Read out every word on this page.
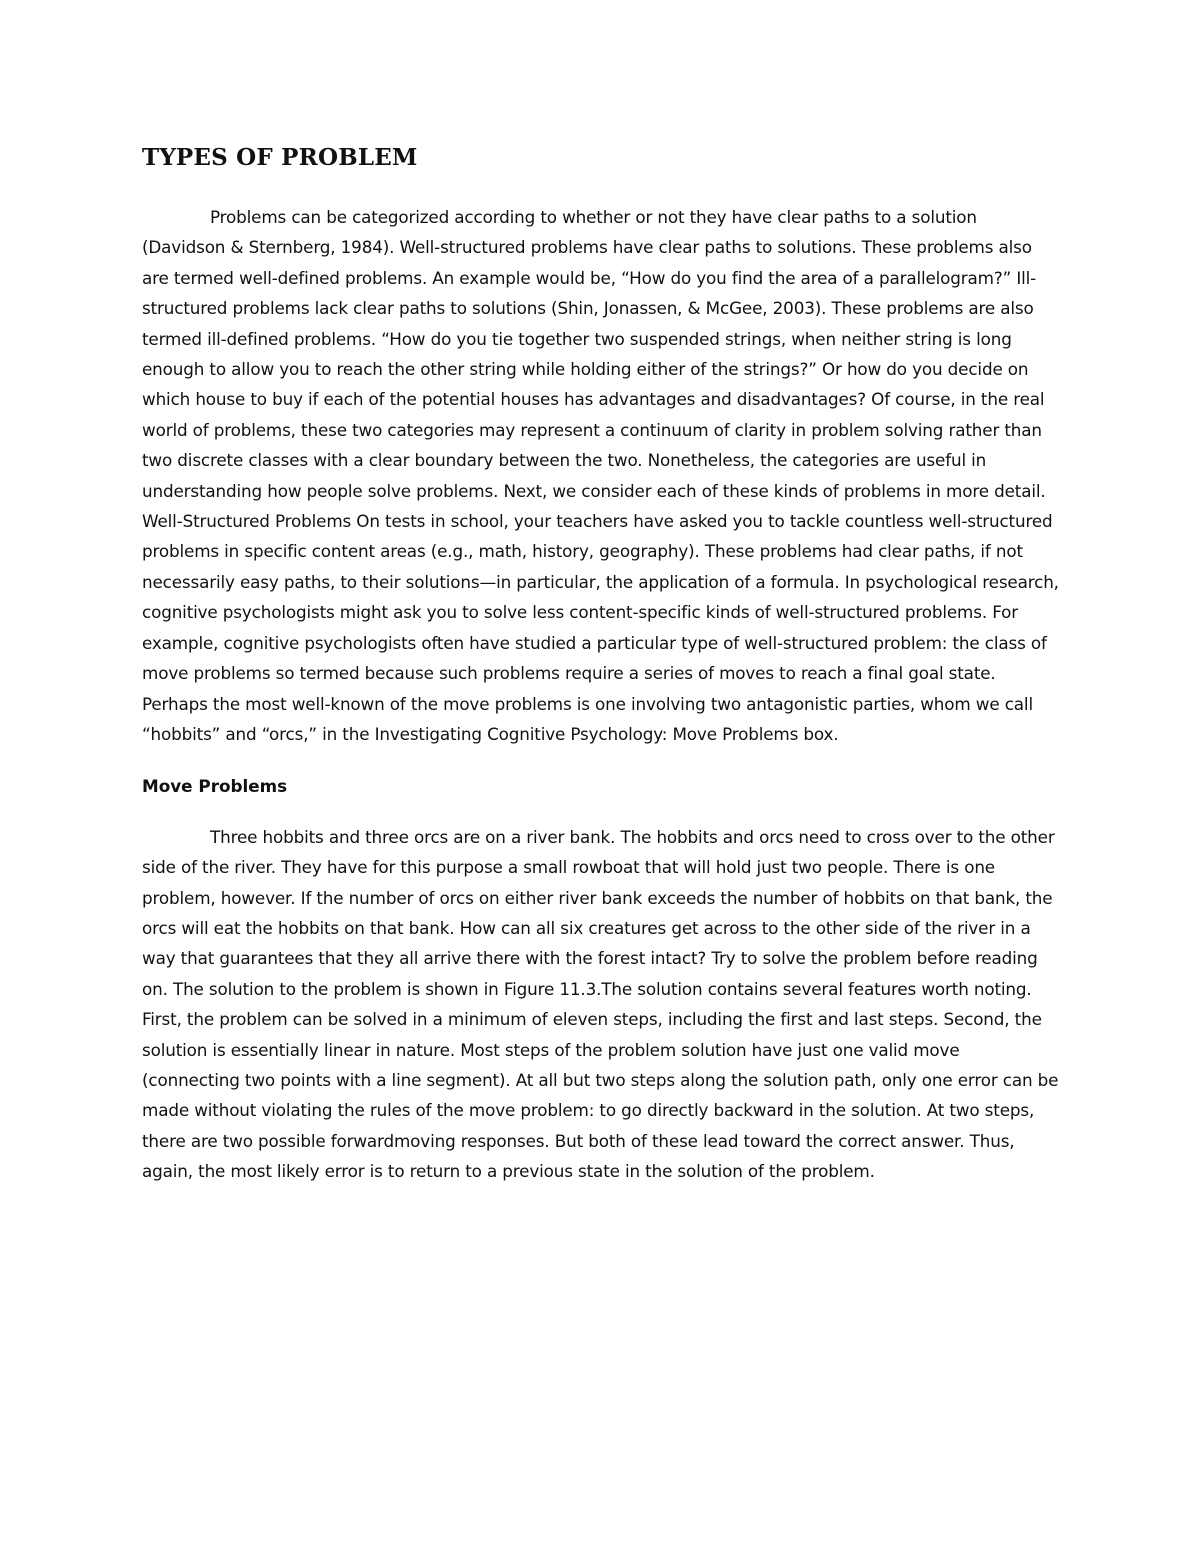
TYPES OF PROBLEM

Problems can be categorized according to whether or not they have clear paths to a solution (Davidson & Sternberg, 1984). Well-structured problems have clear paths to solutions. These problems also are termed well-defined problems. An example would be, “How do you find the area of a parallelogram?” Ill-structured problems lack clear paths to solutions (Shin, Jonassen, & McGee, 2003). These problems are also termed ill-defined problems. “How do you tie together two suspended strings, when neither string is long enough to allow you to reach the other string while holding either of the strings?” Or how do you decide on which house to buy if each of the potential houses has advantages and disadvantages? Of course, in the real world of problems, these two categories may represent a continuum of clarity in problem solving rather than two discrete classes with a clear boundary between the two. Nonetheless, the categories are useful in understanding how people solve problems. Next, we consider each of these kinds of problems in more detail. Well-Structured Problems On tests in school, your teachers have asked you to tackle countless well-structured problems in specific content areas (e.g., math, history, geography). These problems had clear paths, if not necessarily easy paths, to their solutions—in particular, the application of a formula. In psychological research, cognitive psychologists might ask you to solve less content-specific kinds of well-structured problems. For example, cognitive psychologists often have studied a particular type of well-structured problem: the class of move problems so termed because such problems require a series of moves to reach a final goal state. Perhaps the most well-known of the move problems is one involving two antagonistic parties, whom we call “hobbits” and “orcs,” in the Investigating Cognitive Psychology: Move Problems box.

Move Problems

Three hobbits and three orcs are on a river bank. The hobbits and orcs need to cross over to the other side of the river. They have for this purpose a small rowboat that will hold just two people. There is one problem, however. If the number of orcs on either river bank exceeds the number of hobbits on that bank, the orcs will eat the hobbits on that bank. How can all six creatures get across to the other side of the river in a way that guarantees that they all arrive there with the forest intact? Try to solve the problem before reading on. The solution to the problem is shown in Figure 11.3.The solution contains several features worth noting. First, the problem can be solved in a minimum of eleven steps, including the first and last steps. Second, the solution is essentially linear in nature. Most steps of the problem solution have just one valid move (connecting two points with a line segment). At all but two steps along the solution path, only one error can be made without violating the rules of the move problem: to go directly backward in the solution. At two steps, there are two possible forwardmoving responses. But both of these lead toward the correct answer. Thus, again, the most likely error is to return to a previous state in the solution of the problem.
